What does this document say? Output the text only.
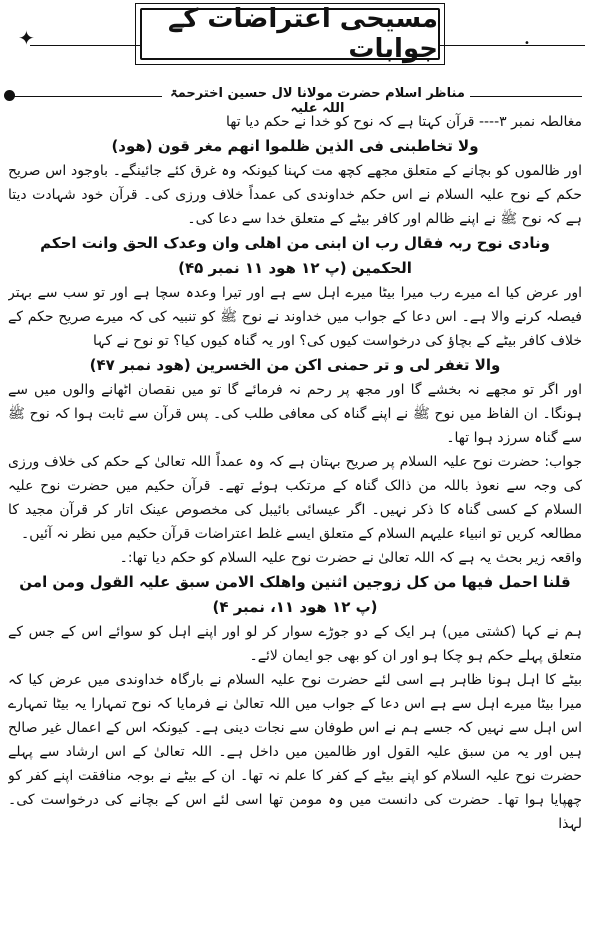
✦
مسیحی اعتراضات کے جوابات	•
مناظر اسلام حضرت مولانا لال حسین اخترحمۃ اللہ علیہ

مغالطہ نمبر ۳---- قرآن کہتا ہے کہ نوح کو خدا نے حکم دیا تھا

ولا تخاطبنی فی الذین ظلموا انھم مغر قون (ھود)

اور ظالموں کو بچانے کے متعلق مجھے کچھ مت کہنا کیونکہ وہ غرق کئے جائینگے۔ باوجود اس صریح حکم کے نوح علیہ السلام نے اس حکم خداوندی کی عمداً خلاف ورزی کی۔ قرآن خود شہادت دیتا ہے کہ نوح ﷺ نے اپنے ظالم اور کافر بیٹے کے متعلق خدا سے دعا کی۔

ونادی نوح ربہ فقال رب ان ابنی من اھلی وان وعدک الحق وانت احکم الحکمین (پ ۱۲ ھود ۱۱ نمبر ۴۵)

اور عرض کیا اے میرے رب میرا بیٹا میرے اہل سے ہے اور تیرا وعدہ سچا ہے اور تو سب سے بہتر فیصلہ کرنے والا ہے۔ اس دعا کے جواب میں خداوند نے نوح ﷺ کو تنبیہ کی کہ میرے صریح حکم کے خلاف کافر بیٹے کے بچاؤ کی درخواست کیوں کی؟ اور یہ گناہ کیوں کیا؟ تو نوح نے کہا

والا تغفر لی و تر حمنی اکن من الخسرین (ھود نمبر ۴۷)

اور اگر تو مجھے نہ بخشے گا اور مجھ پر رحم نہ فرمائے گا تو میں نقصان اٹھانے والوں میں سے ہونگا۔ ان الفاظ میں نوح ﷺ نے اپنے گناہ کی معافی طلب کی۔ پس قرآن سے ثابت ہوا کہ نوح ﷺ سے گناہ سرزد ہوا تھا۔

جواب: حضرت نوح علیہ السلام پر صریح بہتان ہے کہ وہ عمداً اللہ تعالیٰ کے حکم کی خلاف ورزی کی وجہ سے نعوذ باللہ من ذالک گناہ کے مرتکب ہوئے تھے۔ قرآن حکیم میں حضرت نوح علیہ السلام کے کسی گناہ کا ذکر نہیں۔ اگر عیسائی بائیبل کی مخصوص عینک اتار کر قرآن مجید کا مطالعہ کریں تو انبیاء علیہم السلام کے متعلق ایسے غلط اعتراضات قرآن حکیم میں نظر نہ آئیں۔

واقعہ زیر بحث یہ ہے کہ اللہ تعالیٰ نے حضرت نوح علیہ السلام کو حکم دیا تھا:۔

قلنا احمل فیھا من کل زوجین اثنین واھلک الامن سبق علیہ القول ومن امن (پ ۱۲ ھود ۱۱، نمبر ۴)

ہم نے کہا (کشتی میں) ہر ایک کے دو جوڑے سوار کر لو اور اپنے اہل کو سوائے اس کے جس کے متعلق پہلے حکم ہو چکا ہو اور ان کو بھی جو ایمان لائے۔

بیٹے کا اہل ہونا ظاہر ہے اسی لئے حضرت نوح علیہ السلام نے بارگاہ خداوندی میں عرض کیا کہ میرا بیٹا میرے اہل سے ہے اس دعا کے جواب میں اللہ تعالیٰ نے فرمایا کہ نوح تمہارا یہ بیٹا تمہارے اس اہل سے نہیں کہ جسے ہم نے اس طوفان سے نجات دینی ہے۔ کیونکہ اس کے اعمال غیر صالح ہیں اور یہ من سبق علیہ القول اور ظالمین میں داخل ہے۔ اللہ تعالیٰ کے اس ارشاد سے پہلے حضرت نوح علیہ السلام کو اپنے بیٹے کے کفر کا علم نہ تھا۔ ان کے بیٹے نے بوجہ منافقت اپنے کفر کو چھپایا ہوا تھا۔ حضرت کی دانست میں وہ مومن تھا اسی لئے اس کے بچانے کی درخواست کی۔ لہذا
